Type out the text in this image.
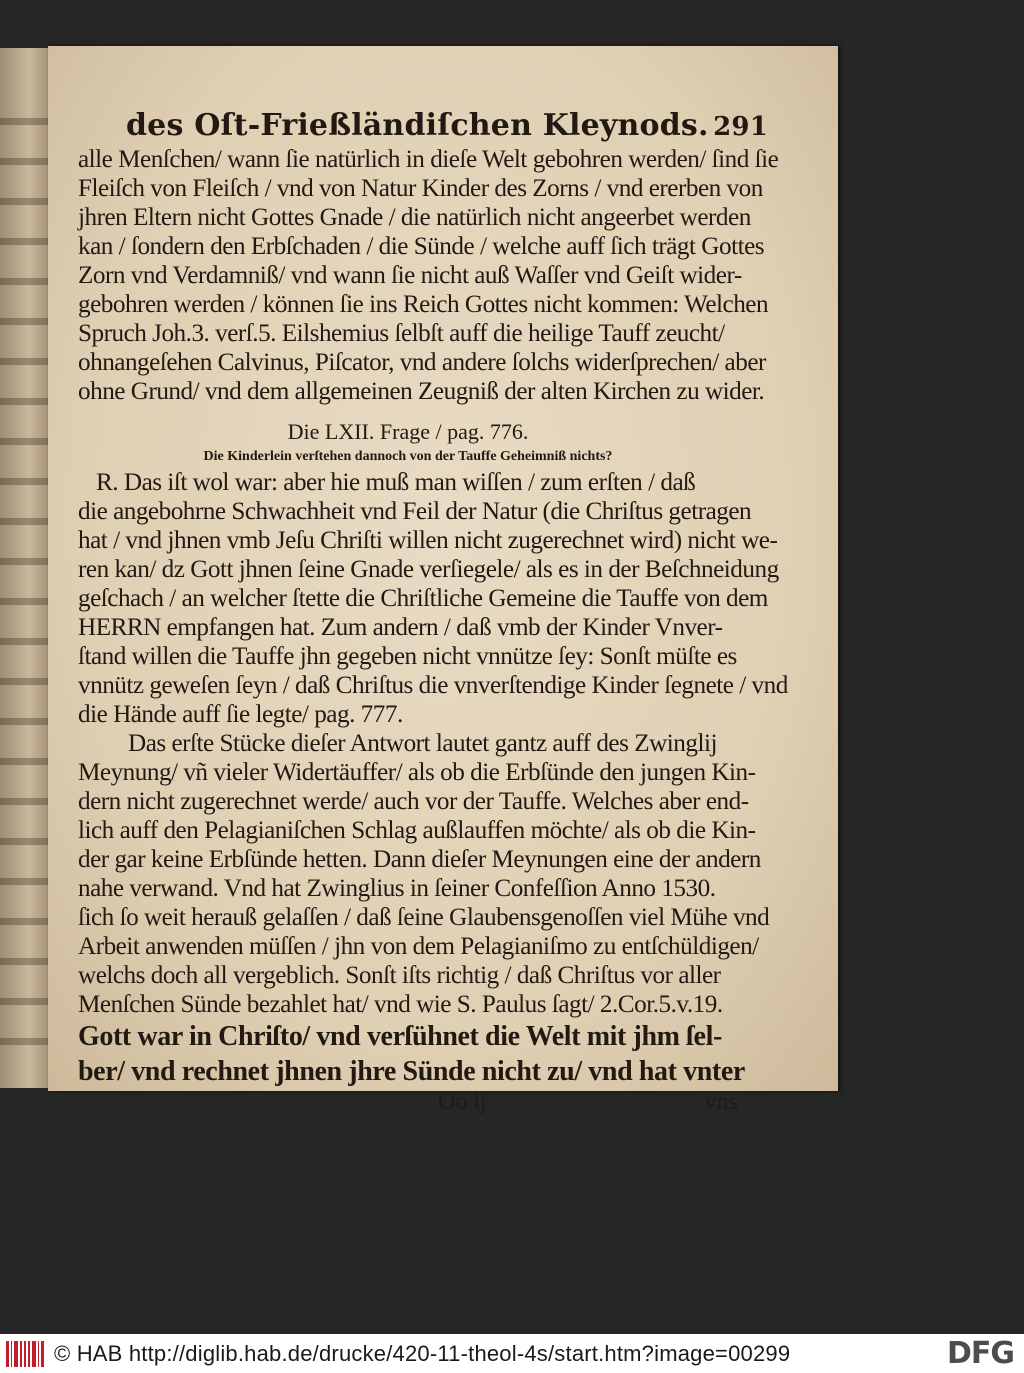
des Oſt-Frießländiſchen Kleynods. 291
alle Menſchen/ wann ſie natürlich in dieſe Welt gebohren werden/ ſind ſie
Fleiſch von Fleiſch / vnd von Natur Kinder des Zorns / vnd ererben von
jhren Eltern nicht Gottes Gnade / die natürlich nicht angeerbet werden
kan / ſondern den Erbſchaden / die Sünde / welche auff ſich trägt Gottes
Zorn vnd Verdamniß/ vnd wann ſie nicht auß Waſſer vnd Geiſt wider-
gebohren werden / können ſie ins Reich Gottes nicht kommen: Welchen
Spruch Joh.3. verſ.5. Eilshemius ſelbſt auff die heilige Tauff zeucht/
ohnangeſehen Calvinus, Piſcator, vnd andere ſolchs widerſprechen/ aber
ohne Grund/ vnd dem allgemeinen Zeugniß der alten Kirchen zu wider.
Die LXII. Frage / pag. 776.
Die Kinderlein verſtehen dannoch von der Tauffe Geheimniß nichts?
R. Das iſt wol war: aber hie muß man wiſſen / zum erſten / daß
die angebohrne Schwachheit vnd Feil der Natur (die Chriſtus getragen
hat / vnd jhnen vmb Jeſu Chriſti willen nicht zugerechnet wird) nicht we-
ren kan/ dz Gott jhnen ſeine Gnade verſiegele/ als es in der Beſchneidung
geſchach / an welcher ſtette die Chriſtliche Gemeine die Tauffe von dem
HERRN empfangen hat. Zum andern / daß vmb der Kinder Vnver-
ſtand willen die Tauffe jhn gegeben nicht vnnütze ſey: Sonſt müſte es
vnnütz geweſen ſeyn / daß Chriſtus die vnverſtendige Kinder ſegnete / vnd
die Hände auff ſie legte/ pag. 777.
Das erſte Stücke dieſer Antwort lautet gantz auff des Zwinglij
Meynung/ vñ vieler Widertäuffer/ als ob die Erbſünde den jungen Kin-
dern nicht zugerechnet werde/ auch vor der Tauffe. Welches aber end-
lich auff den Pelagianiſchen Schlag außlauffen möchte/ als ob die Kin-
der gar keine Erbſünde hetten. Dann dieſer Meynungen eine der andern
nahe verwand. Vnd hat Zwinglius in ſeiner Confeſſion Anno 1530.
ſich ſo weit herauß gelaſſen / daß ſeine Glaubensgenoſſen viel Mühe vnd
Arbeit anwenden müſſen / jhn von dem Pelagianiſmo zu entſchüldigen/
welchs doch all vergeblich. Sonſt iſts richtig / daß Chriſtus vor aller
Menſchen Sünde bezahlet hat/ vnd wie S. Paulus ſagt/ 2.Cor.5.v.19.
Gott war in Chriſto/ vnd verſühnet die Welt mit jhm ſel-
ber/ vnd rechnet jhnen jhre Sünde nicht zu/ vnd hat vnter
Oo ij	vns
© HAB http://diglib.hab.de/drucke/420-11-theol-4s/start.htm?image=00299	DFG
